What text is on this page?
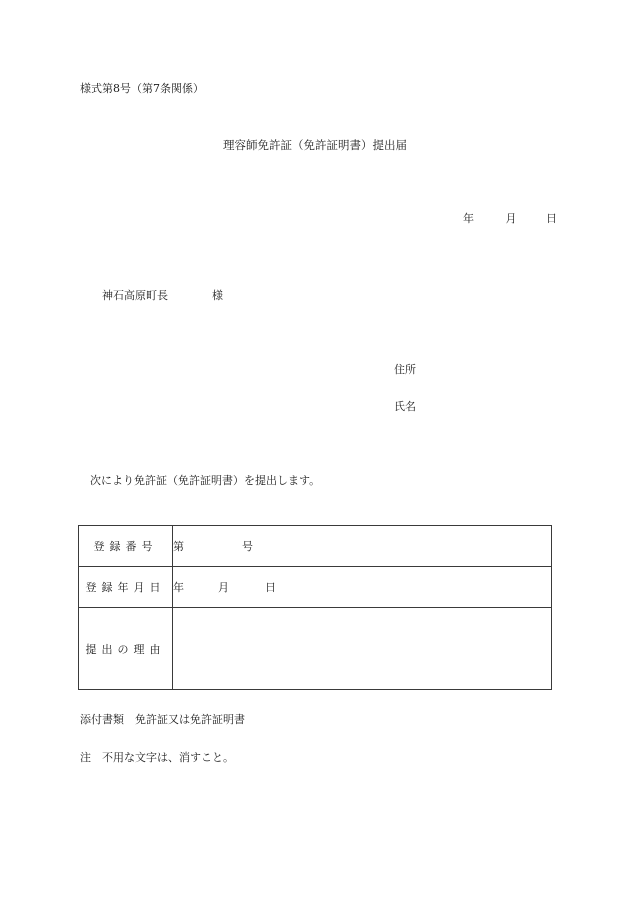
様式第8号（第7条関係）
理容師免許証（免許証明書）提出届
年	月	日
神石高原町長	様
住所
氏名
次により免許証（免許証明書）を提出します。
登録番号	第 号
登録年月日	年 月 日
提出の理由	
添付書類　免許証又は免許証明書
注　不用な文字は、消すこと。
